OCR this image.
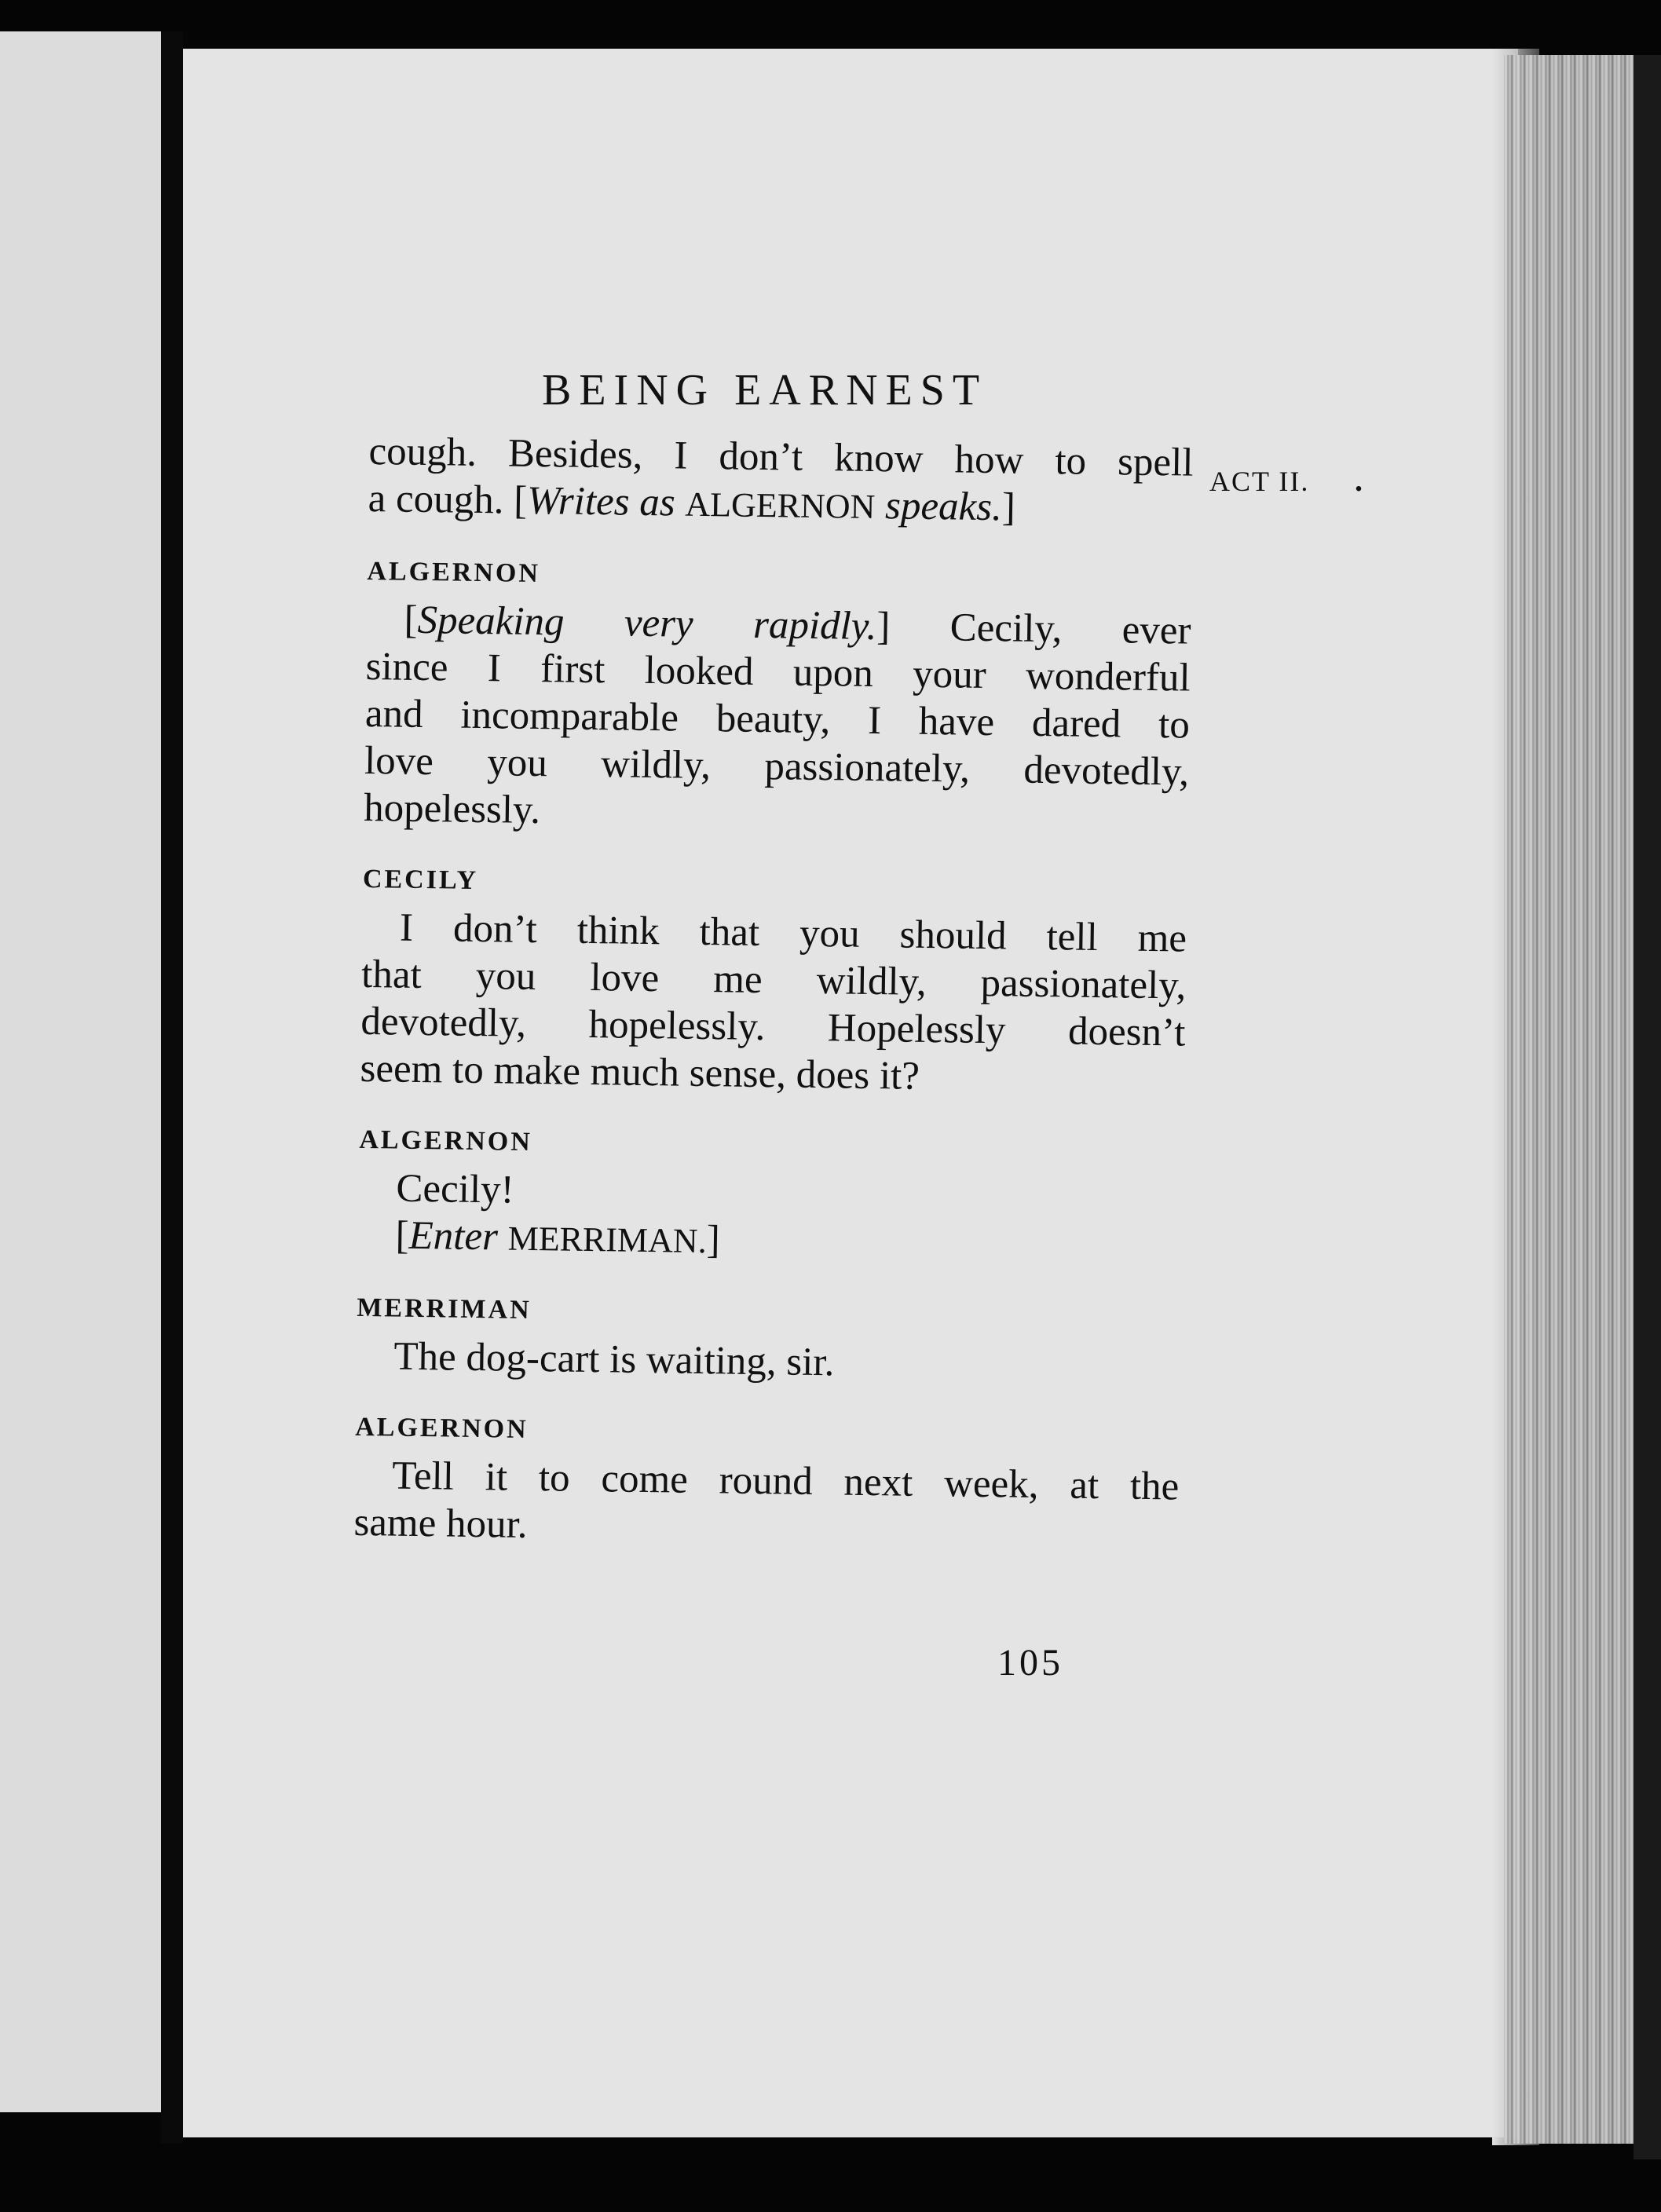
BEING EARNEST
ACT II. .
cough. Besides, I don’t know how to spell
a cough. [Writes as ALGERNON speaks.]
ALGERNON
[Speaking very rapidly.] Cecily, ever
since I first looked upon your wonderful
and incomparable beauty, I have dared to
love you wildly, passionately, devotedly,
hopelessly.
CECILY
I don’t think that you should tell me
that you love me wildly, passionately,
devotedly, hopelessly. Hopelessly doesn’t
seem to make much sense, does it?
ALGERNON
Cecily!
[Enter MERRIMAN.]
MERRIMAN
The dog-cart is waiting, sir.
ALGERNON
Tell it to come round next week, at the
same hour.
105
